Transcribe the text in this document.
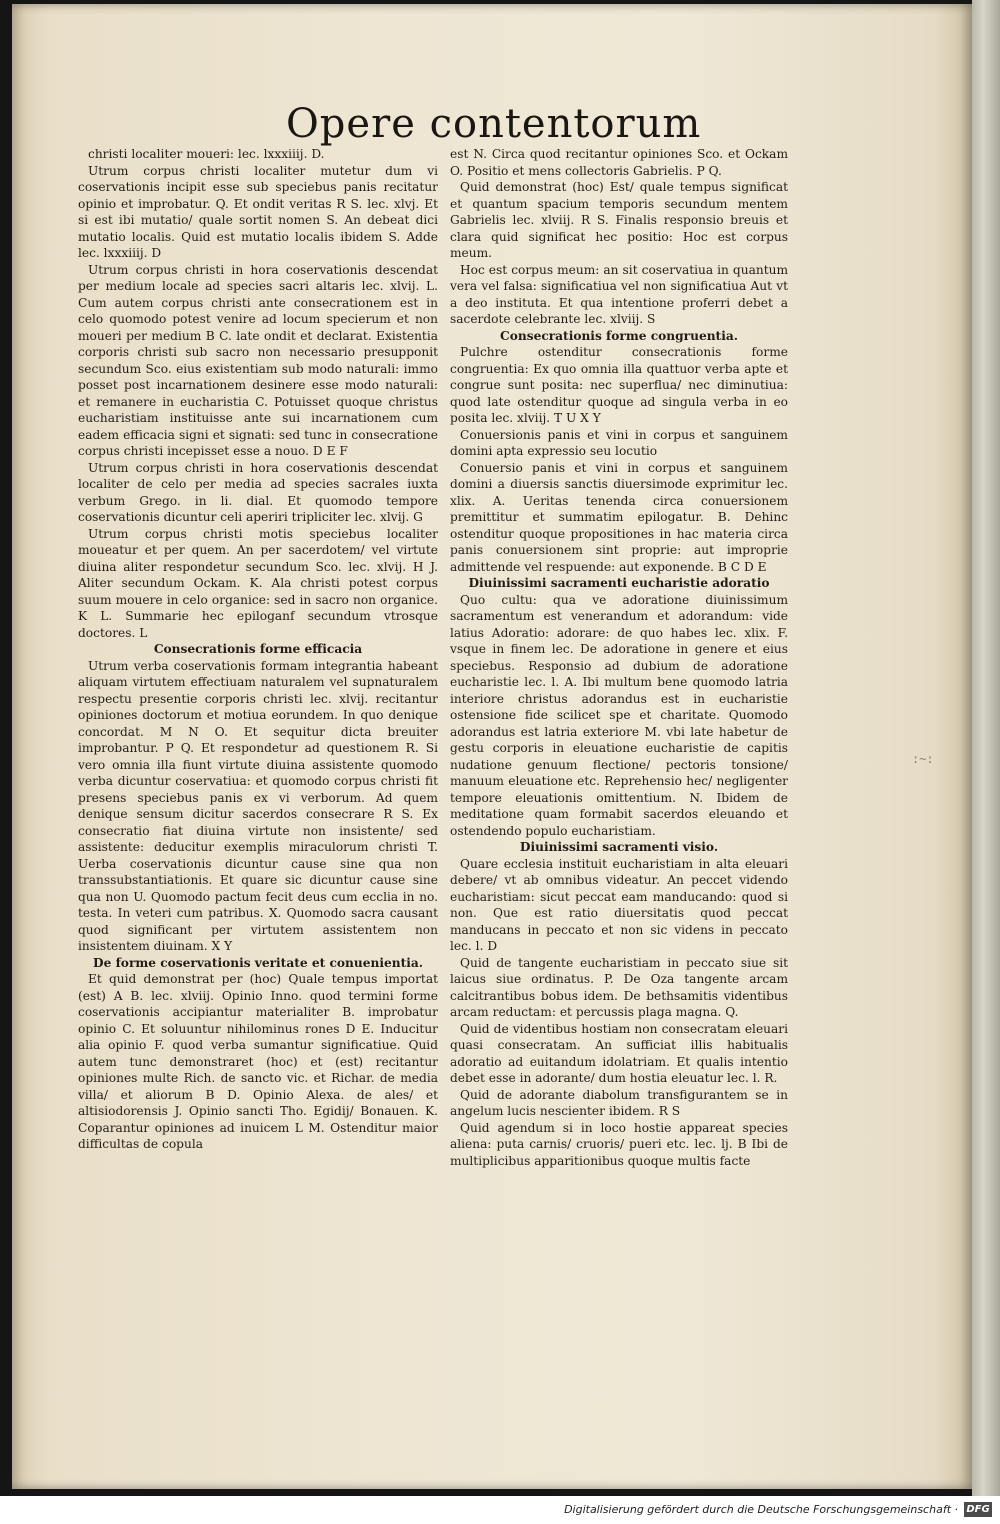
Opere contentorum

christi localiter moueri: lec. lxxxiiij. D.

Utrum corpus christi localiter mutetur dum vi coservationis incipit esse sub speciebus panis recitatur opinio et improbatur. Q. Et ondit veritas R S. lec. xlvj. Et si est ibi mutatio/ quale sortit nomen S. An debeat dici mutatio localis. Quid est mutatio localis ibidem S. Adde lec. lxxxiiij. D

Utrum corpus christi in hora coservationis descendat per medium locale ad species sacri altaris lec. xlvij. L. Cum autem corpus christi ante consecrationem est in celo quomodo potest venire ad locum specierum et non moueri per medium B C. late ondit et declarat. Existentia corporis christi sub sacro non necessario presupponit secundum Sco. eius existentiam sub modo naturali: immo posset post incarnationem desinere esse modo naturali: et remanere in eucharistia C. Potuisset quoque christus eucharistiam instituisse ante sui incarnationem cum eadem efficacia signi et signati: sed tunc in consecratione corpus christi incepisset esse a nouo. D E F

Utrum corpus christi in hora coservationis descendat localiter de celo per media ad species sacrales iuxta verbum Grego. in li. dial. Et quomodo tempore coservationis dicuntur celi aperiri tripliciter lec. xlvij. G

Utrum corpus christi motis speciebus localiter moueatur et per quem. An per sacerdotem/ vel virtute diuina aliter respondetur secundum Sco. lec. xlvij. H J. Aliter secundum Ockam. K. Ala christi potest corpus suum mouere in celo organice: sed in sacro non organice. K L. Summarie hec epiloganf secundum vtrosque doctores. L

Consecrationis forme efficacia

Utrum verba coservationis formam integrantia habeant aliquam virtutem effectiuam naturalem vel supnaturalem respectu presentie corporis christi lec. xlvij. recitantur opiniones doctorum et motiua eorundem. In quo denique concordat. M N O. Et sequitur dicta breuiter improbantur. P Q. Et respondetur ad questionem R. Si vero omnia illa fiunt virtute diuina assistente quomodo verba dicuntur coservatiua: et quomodo corpus christi fit presens speciebus panis ex vi verborum. Ad quem denique sensum dicitur sacerdos consecrare R S. Ex consecratio fiat diuina virtute non insistente/ sed assistente: deducitur exemplis miraculorum christi T. Uerba coservationis dicuntur cause sine qua non transsubstantiationis. Et quare sic dicuntur cause sine qua non U. Quomodo pactum fecit deus cum ecclia in no. testa. In veteri cum patribus. X. Quomodo sacra causant quod significant per virtutem assistentem non insistentem diuinam. X Y

De forme coservationis veritate et conuenientia.

Et quid demonstrat per (hoc) Quale tempus importat (est) A B. lec. xlviij. Opinio Inno. quod termini forme coservationis accipiantur materialiter B. improbatur opinio C. Et soluuntur nihilominus rones D E. Inducitur alia opinio F. quod verba sumantur significatiue. Quid autem tunc demonstraret (hoc) et (est) recitantur opiniones multe Rich. de sancto vic. et Richar. de media villa/ et aliorum B D. Opinio Alexa. de ales/ et altisiodorensis J. Opinio sancti Tho. Egidij/ Bonauen. K. Coparantur opiniones ad inuicem L M. Ostenditur maior difficultas de copula

est N. Circa quod recitantur opiniones Sco. et Ockam O. Positio et mens collectoris Gabrielis. P Q.

Quid demonstrat (hoc) Est/ quale tempus significat et quantum spacium temporis secundum mentem Gabrielis lec. xlviij. R S. Finalis responsio breuis et clara quid significat hec positio: Hoc est corpus meum.

Hoc est corpus meum: an sit coservatiua in quantum vera vel falsa: significatiua vel non significatiua Aut vt a deo instituta. Et qua intentione proferri debet a sacerdote celebrante lec. xlviij. S

Consecrationis forme congruentia.

Pulchre ostenditur consecrationis forme congruentia: Ex quo omnia illa quattuor verba apte et congrue sunt posita: nec superflua/ nec diminutiua: quod late ostenditur quoque ad singula verba in eo posita lec. xlviij. T U X Y

Conuersionis panis et vini in corpus et sanguinem domini apta expressio seu locutio

Conuersio panis et vini in corpus et sanguinem domini a diuersis sanctis diuersimode exprimitur lec. xlix. A. Ueritas tenenda circa conuersionem premittitur et summatim epilogatur. B. Dehinc ostenditur quoque propositiones in hac materia circa panis conuersionem sint proprie: aut improprie admittende vel respuende: aut exponende. B C D E

Diuinissimi sacramenti eucharistie adoratio

Quo cultu: qua ve adoratione diuinissimum sacramentum est venerandum et adorandum: vide latius Adoratio: adorare: de quo habes lec. xlix. F. vsque in finem lec. De adoratione in genere et eius speciebus. Responsio ad dubium de adoratione eucharistie lec. l. A. Ibi multum bene quomodo latria interiore christus adorandus est in eucharistie ostensione fide scilicet spe et charitate. Quomodo adorandus est latria exteriore M. vbi late habetur de gestu corporis in eleuatione eucharistie de capitis nudatione genuum flectione/ pectoris tonsione/ manuum eleuatione etc. Reprehensio hec/ negligenter tempore eleuationis omittentium. N. Ibidem de meditatione quam formabit sacerdos eleuando et ostendendo populo eucharistiam.

Diuinissimi sacramenti visio.

Quare ecclesia instituit eucharistiam in alta eleuari debere/ vt ab omnibus videatur. An peccet videndo eucharistiam: sicut peccat eam manducando: quod si non. Que est ratio diuersitatis quod peccat manducans in peccato et non sic videns in peccato lec. l. D

Quid de tangente eucharistiam in peccato siue sit laicus siue ordinatus. P. De Oza tangente arcam calcitrantibus bobus idem. De bethsamitis videntibus arcam reductam: et percussis plaga magna. Q.

Quid de videntibus hostiam non consecratam eleuari quasi consecratam. An sufficiat illis habitualis adoratio ad euitandum idolatriam. Et qualis intentio debet esse in adorante/ dum hostia eleuatur lec. l. R.

Quid de adorante diabolum transfigurantem se in angelum lucis nescienter ibidem. R S

Quid agendum si in loco hostie appareat species aliena: puta carnis/ cruoris/ pueri etc. lec. lj. B Ibi de multiplicibus apparitionibus quoque multis facte

:~:
Digitalisierung gefördert durch die Deutsche Forschungsgemeinschaft · DFG
